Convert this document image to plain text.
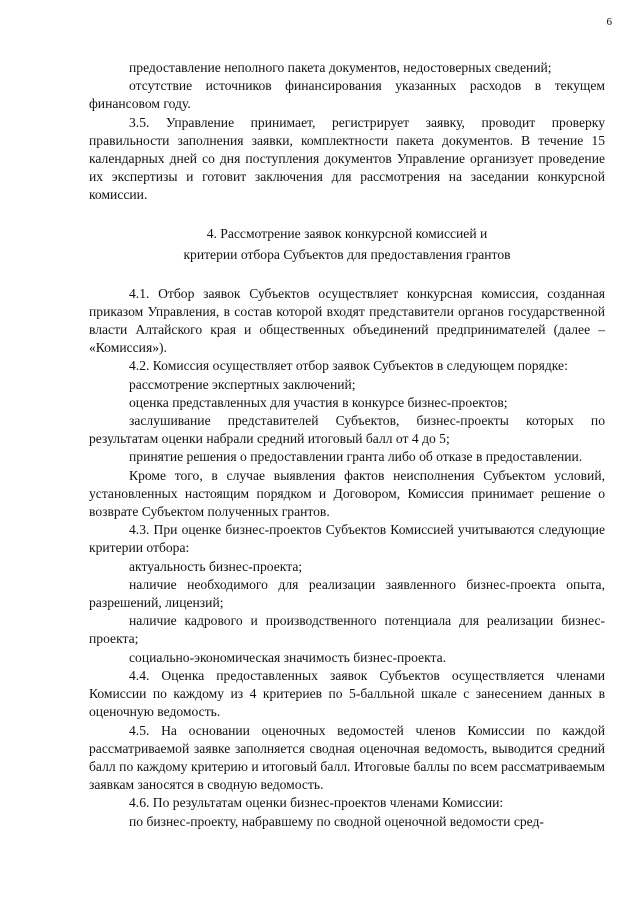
6

предоставление неполного пакета документов, недостоверных сведений;

отсутствие источников финансирования указанных расходов в текущем финансовом году.

3.5. Управление принимает, регистрирует заявку, проводит проверку правильности заполнения заявки, комплектности пакета документов. В течение 15 календарных дней со дня поступления документов Управление организует проведение их экспертизы и готовит заключения для рассмотрения на заседании конкурсной комиссии.

4. Рассмотрение заявок конкурсной комиссией и
критерии отбора Субъектов для предоставления грантов

4.1. Отбор заявок Субъектов осуществляет конкурсная комиссия, созданная приказом Управления, в состав которой входят представители органов государственной власти Алтайского края и общественных объединений предпринимателей (далее – «Комиссия»).

4.2. Комиссия осуществляет отбор заявок Субъектов в следующем порядке:

рассмотрение экспертных заключений;

оценка представленных для участия в конкурсе бизнес-проектов;

заслушивание представителей Субъектов, бизнес-проекты которых по результатам оценки набрали средний итоговый балл от 4 до 5;

принятие решения о предоставлении гранта либо об отказе в предоставлении.

Кроме того, в случае выявления фактов неисполнения Субъектом условий, установленных настоящим порядком и Договором, Комиссия принимает решение о возврате Субъектом полученных грантов.

4.3. При оценке бизнес-проектов Субъектов Комиссией учитываются следующие критерии отбора:

актуальность бизнес-проекта;

наличие необходимого для реализации заявленного бизнес-проекта опыта, разрешений, лицензий;

наличие кадрового и производственного потенциала для реализации бизнес-проекта;

социально-экономическая значимость бизнес-проекта.

4.4. Оценка предоставленных заявок Субъектов осуществляется членами Комиссии по каждому из 4 критериев по 5-балльной шкале с занесением данных в оценочную ведомость.

4.5. На основании оценочных ведомостей членов Комиссии по каждой рассматриваемой заявке заполняется сводная оценочная ведомость, выводится средний балл по каждому критерию и итоговый балл. Итоговые баллы по всем рассматриваемым заявкам заносятся в сводную ведомость.

4.6. По результатам оценки бизнес-проектов членами Комиссии:

по бизнес-проекту, набравшему по сводной оценочной ведомости сред-
